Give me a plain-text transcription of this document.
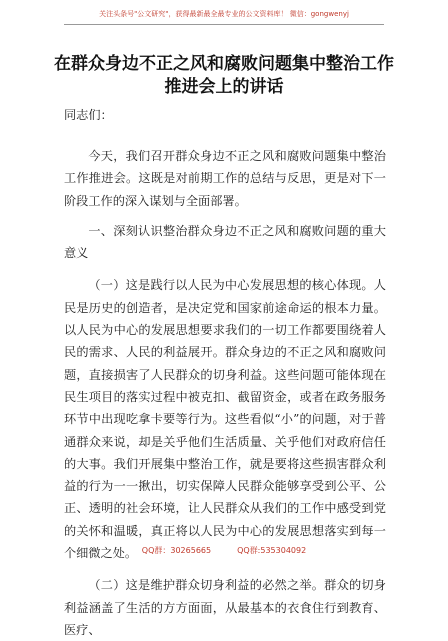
关注头条号"公文研究"，获得最新最全最专业的公文资料库！ 微信：gongwenyj
在群众身边不正之风和腐败问题集中整治工作
推进会上的讲话

同志们：

今天，我们召开群众身边不正之风和腐败问题集中整治工作推进会。这既是对前期工作的总结与反思，更是对下一阶段工作的深入谋划与全面部署。

一、深刻认识整治群众身边不正之风和腐败问题的重大意义

（一）这是践行以人民为中心发展思想的核心体现。人民是历史的创造者，是决定党和国家前途命运的根本力量。以人民为中心的发展思想要求我们的一切工作都要围绕着人民的需求、人民的利益展开。群众身边的不正之风和腐败问题，直接损害了人民群众的切身利益。这些问题可能体现在民生项目的落实过程中被克扣、截留资金，或者在政务服务环节中出现吃拿卡要等行为。这些看似“小”的问题，对于普通群众来说，却是关乎他们生活质量、关乎他们对政府信任的大事。我们开展集中整治工作，就是要将这些损害群众利益的行为一一揪出，切实保障人民群众能够享受到公平、公正、透明的社会环境，让人民群众从我们的工作中感受到党的关怀和温暖，真正将以人民为中心的发展思想落实到每一个细微之处。

（二）这是维护群众切身利益的必然之举。群众的切身利益涵盖了生活的方方面面，从最基本的衣食住行到教育、医疗、

QQ群：30265665	QQ群:535304092
